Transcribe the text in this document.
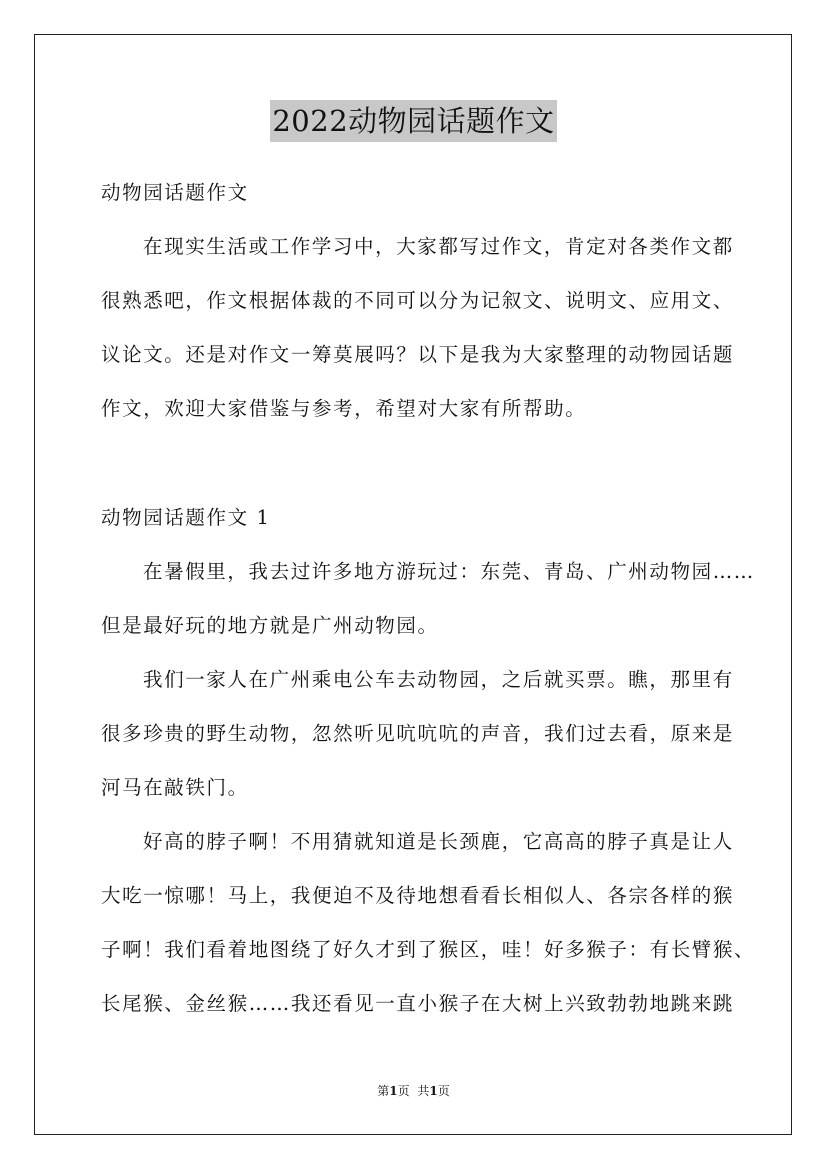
2022动物园话题作文
动物园话题作文
在现实生活或工作学习中，大家都写过作文，肯定对各类作文都
很熟悉吧，作文根据体裁的不同可以分为记叙文、说明文、应用文、
议论文。还是对作文一筹莫展吗？以下是我为大家整理的动物园话题
作文，欢迎大家借鉴与参考，希望对大家有所帮助。
动物园话题作文 1
在暑假里，我去过许多地方游玩过：东莞、青岛、广州动物园……
但是最好玩的地方就是广州动物园。
我们一家人在广州乘电公车去动物园，之后就买票。瞧，那里有
很多珍贵的野生动物，忽然听见吭吭吭的声音，我们过去看，原来是
河马在敲铁门。
好高的脖子啊！不用猜就知道是长颈鹿，它高高的脖子真是让人
大吃一惊哪！马上，我便迫不及待地想看看长相似人、各宗各样的猴
子啊！我们看着地图绕了好久才到了猴区，哇！好多猴子：有长臂猴、
长尾猴、金丝猴……我还看见一直小猴子在大树上兴致勃勃地跳来跳
第1页 共1页
